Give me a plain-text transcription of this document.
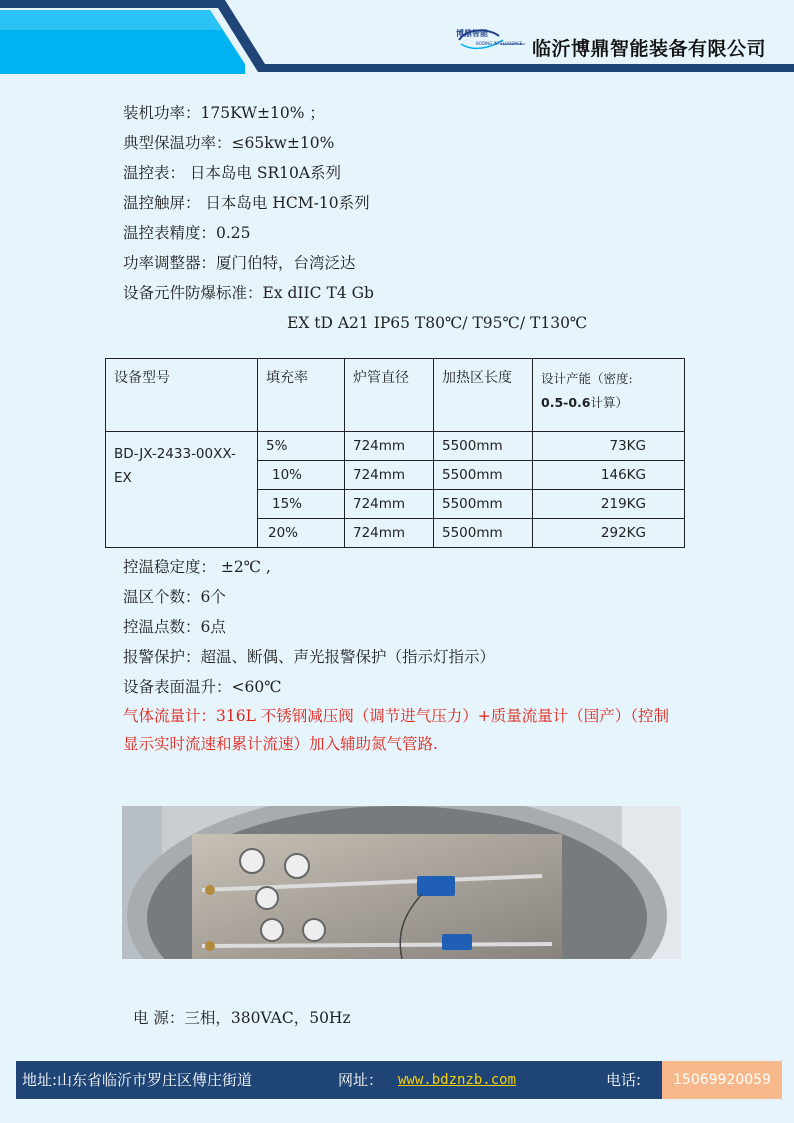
博鼎智能
BODING INTELLIGENCE 临沂博鼎智能装备有限公司
装机功率：175KW±10% ；
典型保温功率：≤65kw±10%
温控表： 日本岛电 SR10A系列
温控触屏： 日本岛电 HCM-10系列
温控表精度：0.25
功率调整器：厦门伯特，台湾泛达
设备元件防爆标准：Ex dIIC T4 Gb
EX tD A21 IP65 T80℃/ T95℃/ T130℃
设备型号	填充率	炉管直径	加热区长度	设计产能（密度:
0.5-0.6计算）

BD-JX-2433-00XX-EX	5%	724mm	5500mm	73KG
	10%	724mm	5500mm	146KG
	15%	724mm	5500mm	219KG
	20%	724mm	5500mm	292KG
控温稳定度： ±2℃ ,
温区个数：6个
控温点数：6点
报警保护：超温、断偶、声光报警保护（指示灯指示）
设备表面温升：<60℃
气体流量计：316L 不锈钢减压阀（调节进气压力）+质量流量计（国产）（控制显示实时流速和累计流速）加入辅助氮气管路.
电 源：三相，380VAC，50Hz
地址:山东省临沂市罗庄区傅庄街道	网址： www.bdznzb.com	电话:	15069920059
